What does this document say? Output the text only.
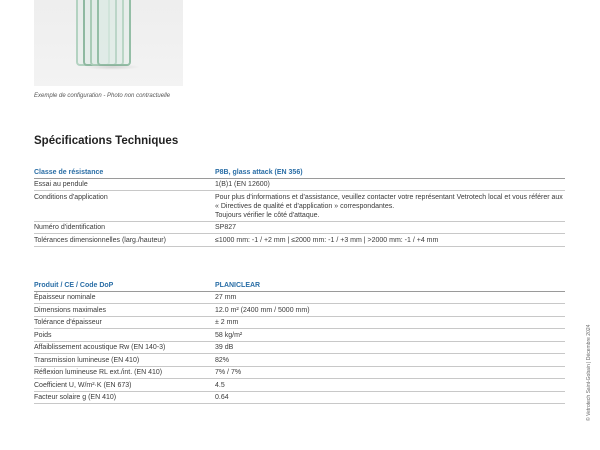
Exemple de configuration - Photo non contractuelle
Spécifications Techniques
Classe de résistance	P8B, glass attack (EN 356)
Essai au pendule	1(B)1 (EN 12600)
Conditions d'application	Pour plus d'informations et d'assistance, veuillez contacter votre représentant Vetrotech local et vous référer aux « Directives de qualité et d'application » correspondantes.
Toujours vérifier le côté d'attaque.
Numéro d'identification	SP827
Tolérances dimensionnelles (larg./hauteur)	≤1000 mm: -1 / +2 mm | ≤2000 mm: -1 / +3 mm | >2000 mm: -1 / +4 mm
Produit / CE / Code DoP	PLANICLEAR
Épaisseur nominale	27 mm
Dimensions maximales	12.0 m² (2400 mm / 5000 mm)
Tolérance d'épaisseur	± 2 mm
Poids	58 kg/m²
Affaiblissement acoustique Rw (EN 140-3)	39 dB
Transmission lumineuse (EN 410)	82%
Réflexion lumineuse RL ext./int. (EN 410)	7% / 7%
Coefficient U, W/m²·K (EN 673)	4.5
Facteur solaire g (EN 410)	0.64	© Vetrotech Saint-Gobain | Décembre 2024
